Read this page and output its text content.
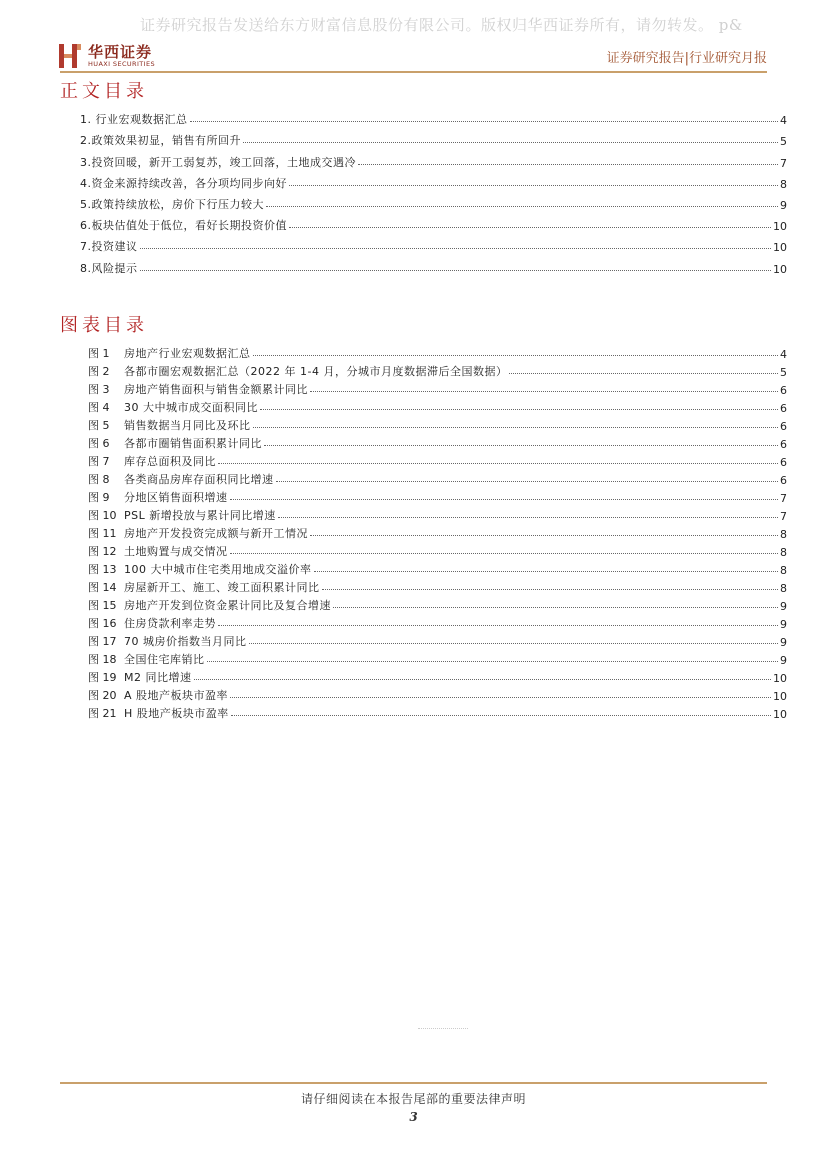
证券研究报告发送给东方财富信息股份有限公司。版权归华西证券所有，请勿转发。 p&
华西证券
HUAXI SECURITIES	证券研究报告|行业研究月报
正文目录
1. 行业宏观数据汇总	4
2.政策效果初显，销售有所回升	5
3.投资回暖，新开工弱复苏，竣工回落，土地成交遇冷	7
4.资金来源持续改善，各分项均同步向好	8
5.政策持续放松，房价下行压力较大	9
6.板块估值处于低位，看好长期投资价值	10
7.投资建议	10
8.风险提示	10
图表目录
图 1	房地产行业宏观数据汇总	4
图 2	各都市圈宏观数据汇总（2022 年 1-4 月，分城市月度数据滞后全国数据）	5
图 3	房地产销售面积与销售金额累计同比	6
图 4	30 大中城市成交面积同比	6
图 5	销售数据当月同比及环比	6
图 6	各都市圈销售面积累计同比	6
图 7	库存总面积及同比	6
图 8	各类商品房库存面积同比增速	6
图 9	分地区销售面积增速	7
图 10 PSL 新增投放与累计同比增速	7
图 11 房地产开发投资完成额与新开工情况	8
图 12 土地购置与成交情况	8
图 13 100 大中城市住宅类用地成交溢价率	8
图 14 房屋新开工、施工、竣工面积累计同比	8
图 15 房地产开发到位资金累计同比及复合增速	9
图 16 住房贷款利率走势	9
图 17 70 城房价指数当月同比	9
图 18 全国住宅库销比	9
图 19 M2 同比增速	10
图 20 A 股地产板块市盈率	10
图 21 H 股地产板块市盈率	10
请仔细阅读在本报告尾部的重要法律声明
3
